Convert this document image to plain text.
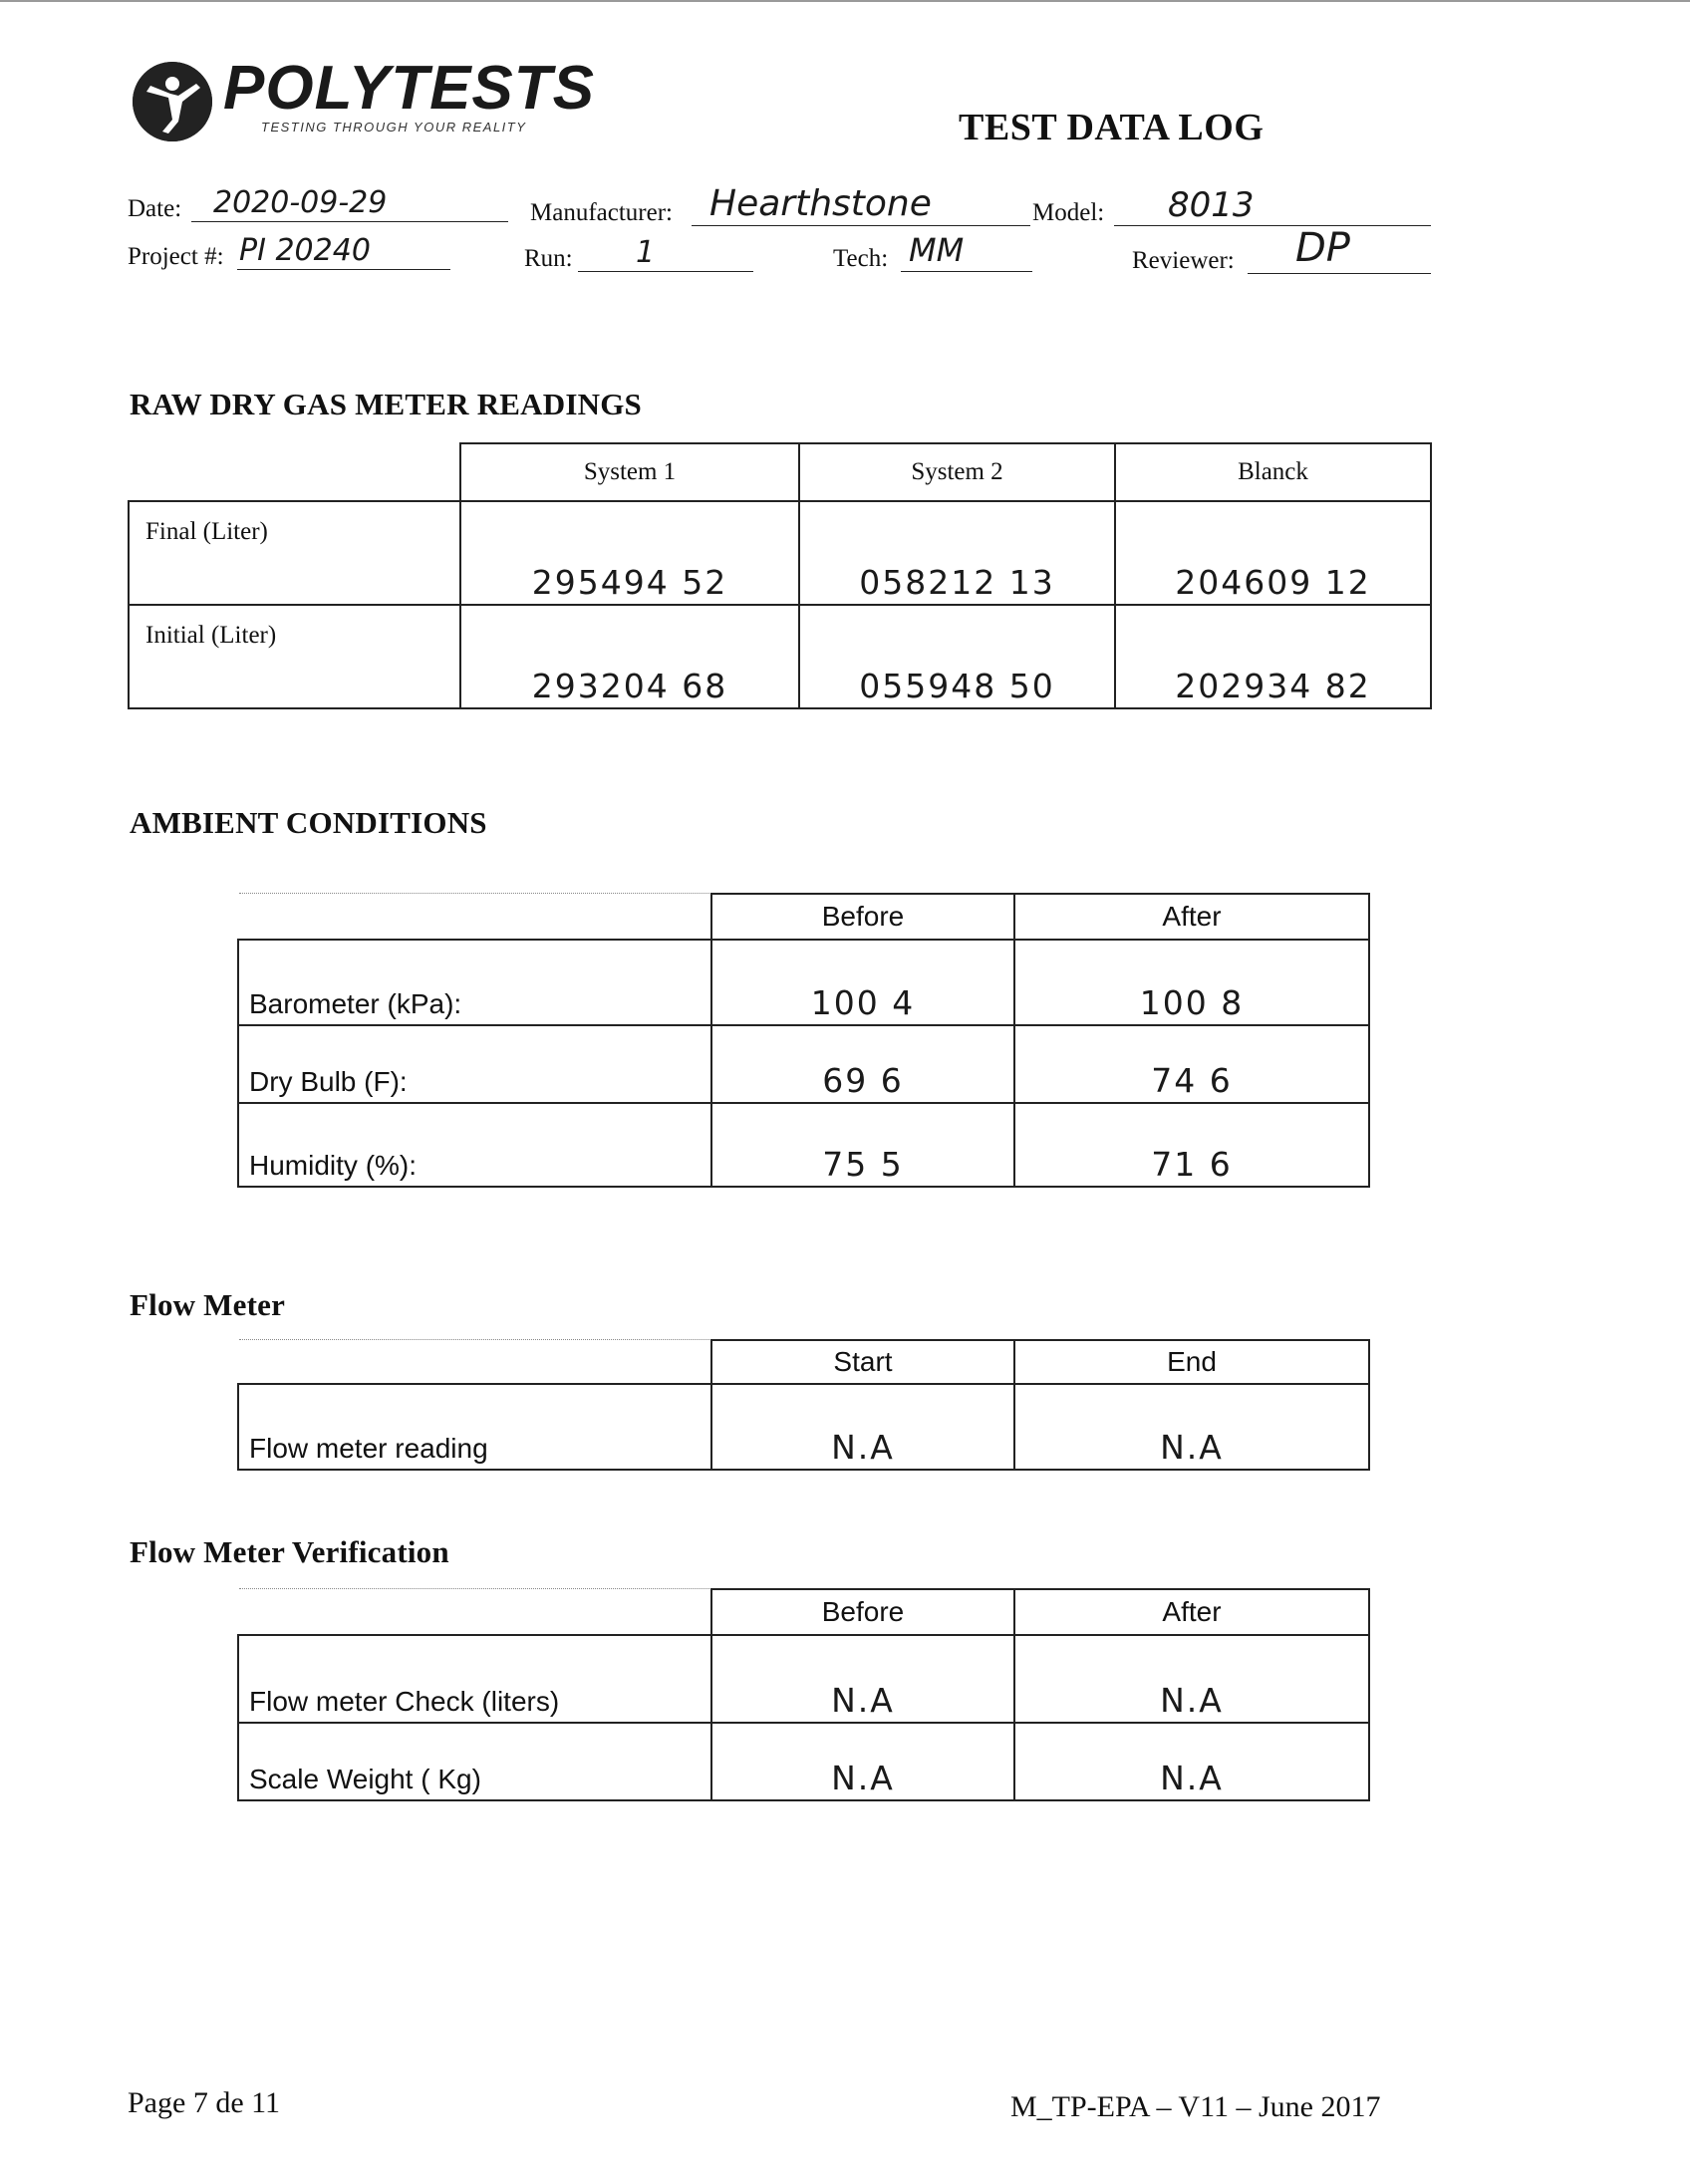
POLYTESTS
TESTING THROUGH YOUR REALITY	TEST DATA LOG
Date: 2020-09-29	Manufacturer: Hearthstone	Model: 8013
Project #: PI 20240	Run: 1	Tech: MM	Reviewer: DP
RAW DRY GAS METER READINGS
	System 1	System 2	Blanck
Final (Liter)	295494 52	058212 13	204609 12
Initial (Liter)	293204 68	055948 50	202934 82
AMBIENT CONDITIONS
	Before	After
Barometer (kPa):	100 4	100 8
Dry Bulb (F):	69 6	74 6
Humidity (%):	75 5	71 6
Flow Meter
	Start	End
Flow meter reading	N.A	N.A
Flow Meter Verification
	Before	After
Flow meter Check (liters)	N.A	N.A
Scale Weight ( Kg)	N.A	N.A
Page 7 de 11	M_TP-EPA – V11 – June 2017
